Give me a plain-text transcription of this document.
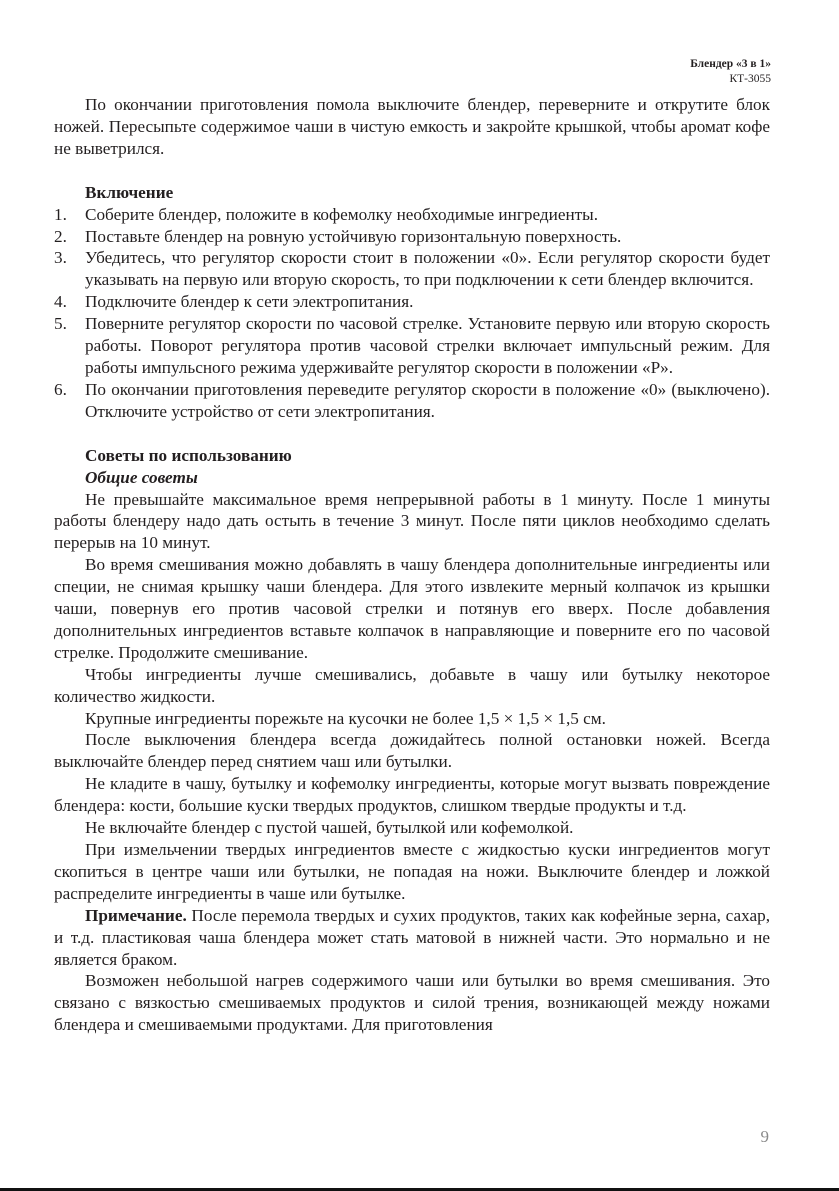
Блендер «3 в 1»
КТ-3055

По окончании приготовления помола выключите блендер, переверните и открутите блок ножей. Пересыпьте содержимое чаши в чистую емкость и закройте крышкой, чтобы аромат кофе не выветрился.

Включение
1. Соберите блендер, положите в кофемолку необходимые ингредиенты.
2. Поставьте блендер на ровную устойчивую горизонтальную поверхность.
3. Убедитесь, что регулятор скорости стоит в положении «0». Если регулятор скорости будет указывать на первую или вторую скорость, то при подключении к сети блендер включится.
4. Подключите блендер к сети электропитания.
5. Поверните регулятор скорости по часовой стрелке. Установите первую или вторую скорость работы. Поворот регулятора против часовой стрелки включает импульсный режим. Для работы импульсного режима удерживайте регулятор скорости в положении «P».
6. По окончании приготовления переведите регулятор скорости в положение «0» (выключено). Отключите устройство от сети электропитания.
Советы по использованию
Общие советы

Не превышайте максимальное время непрерывной работы в 1 минуту. После 1 минуты работы блендеру надо дать остыть в течение 3 минут. После пяти циклов необходимо сделать перерыв на 10 минут.

Во время смешивания можно добавлять в чашу блендера дополнительные ингредиенты или специи, не снимая крышку чаши блендера. Для этого извлеките мерный колпачок из крышки чаши, повернув его против часовой стрелки и потянув его вверх. После добавления дополнительных ингредиентов вставьте колпачок в направляющие и поверните его по часовой стрелке. Продолжите смешивание.

Чтобы ингредиенты лучше смешивались, добавьте в чашу или бутылку некоторое количество жидкости.

Крупные ингредиенты порежьте на кусочки не более 1,5 × 1,5 × 1,5 см.

После выключения блендера всегда дожидайтесь полной остановки ножей. Всегда выключайте блендер перед снятием чаш или бутылки.

Не кладите в чашу, бутылку и кофемолку ингредиенты, которые могут вызвать повреждение блендера: кости, большие куски твердых продуктов, слишком твердые продукты и т.д.

Не включайте блендер с пустой чашей, бутылкой или кофемолкой.

При измельчении твердых ингредиентов вместе с жидкостью куски ингредиентов могут скопиться в центре чаши или бутылки, не попадая на ножи. Выключите блендер и ложкой распределите ингредиенты в чаше или бутылке.

Примечание. После перемола твердых и сухих продуктов, таких как кофейные зерна, сахар, и т.д. пластиковая чаша блендера может стать матовой в нижней части. Это нормально и не является браком.

Возможен небольшой нагрев содержимого чаши или бутылки во время смешивания. Это связано с вязкостью смешиваемых продуктов и силой трения, возникающей между ножами блендера и смешиваемыми продуктами. Для приготовления

9
